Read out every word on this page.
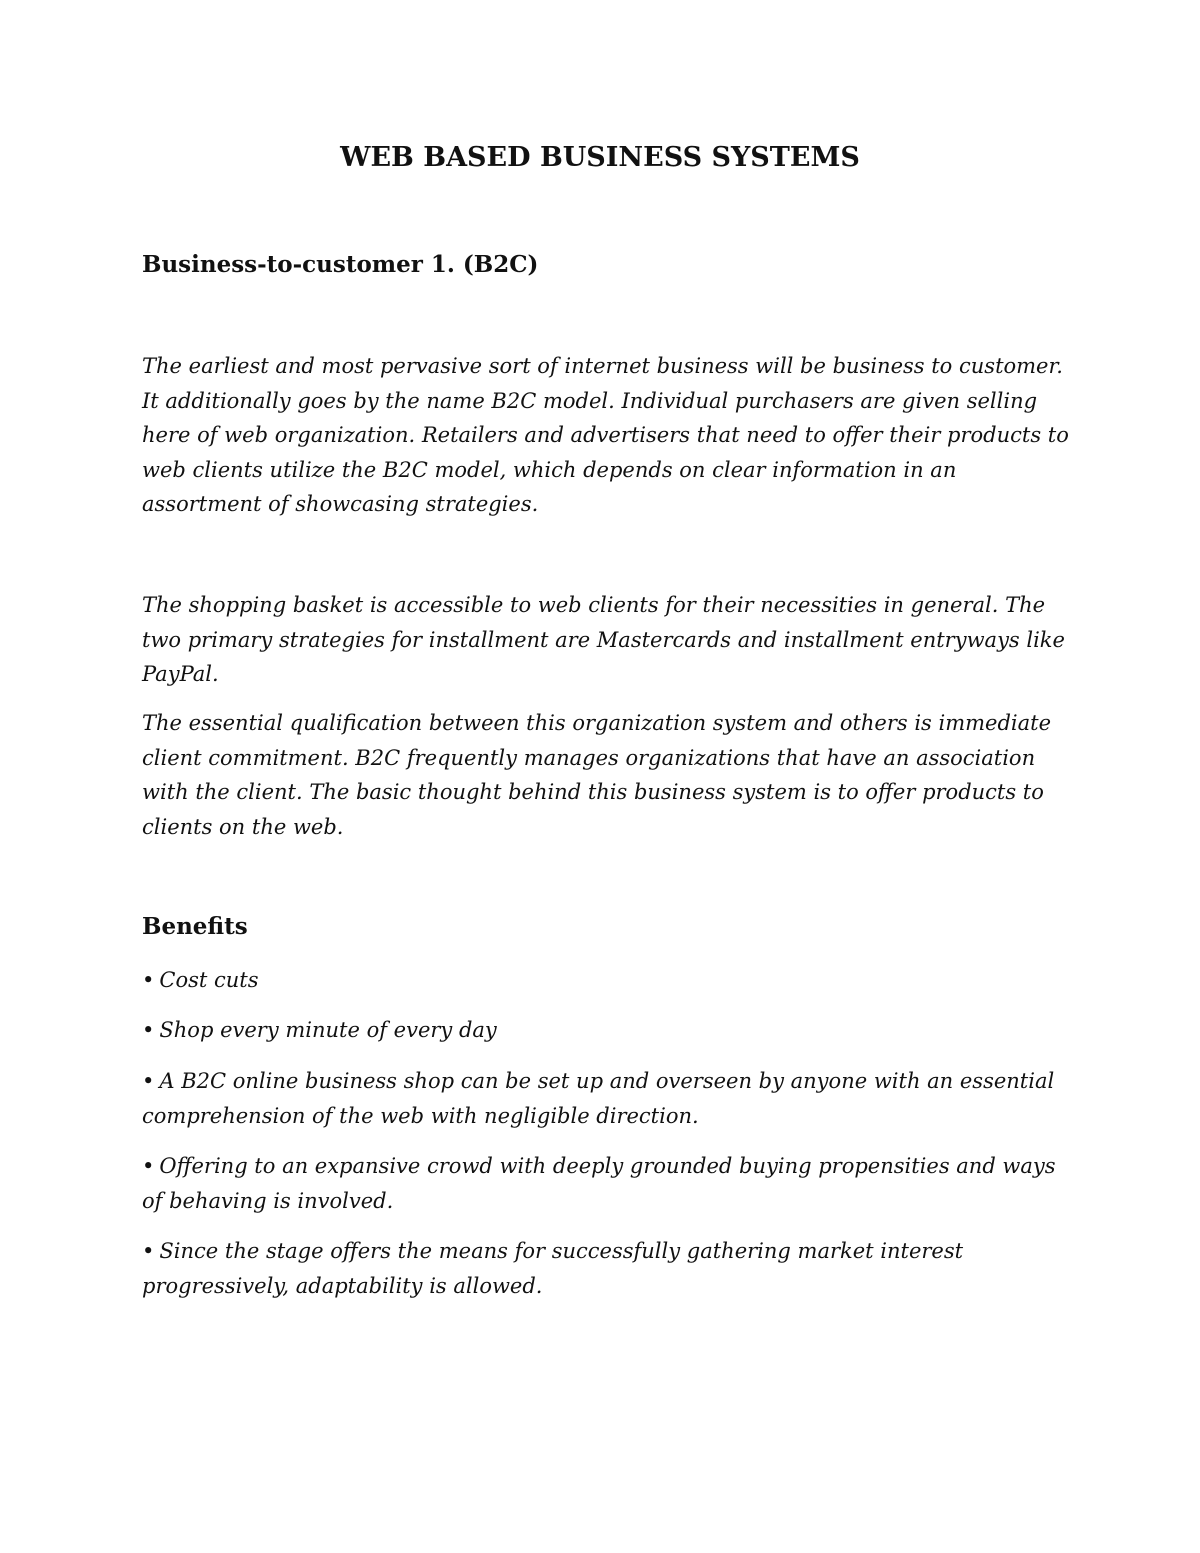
WEB BASED BUSINESS SYSTEMS
Business-to-customer 1. (B2C)
The earliest and most pervasive sort of internet business will be business to customer. It additionally goes by the name B2C model. Individual purchasers are given selling here of web organization. Retailers and advertisers that need to offer their products to web clients utilize the B2C model, which depends on clear information in an assortment of showcasing strategies.
The shopping basket is accessible to web clients for their necessities in general. The two primary strategies for installment are Mastercards and installment entryways like PayPal.
The essential qualification between this organization system and others is immediate client commitment. B2C frequently manages organizations that have an association with the client. The basic thought behind this business system is to offer products to clients on the web.
Benefits
• Cost cuts
• Shop every minute of every day
• A B2C online business shop can be set up and overseen by anyone with an essential comprehension of the web with negligible direction.
• Offering to an expansive crowd with deeply grounded buying propensities and ways of behaving is involved.
• Since the stage offers the means for successfully gathering market interest progressively, adaptability is allowed.
